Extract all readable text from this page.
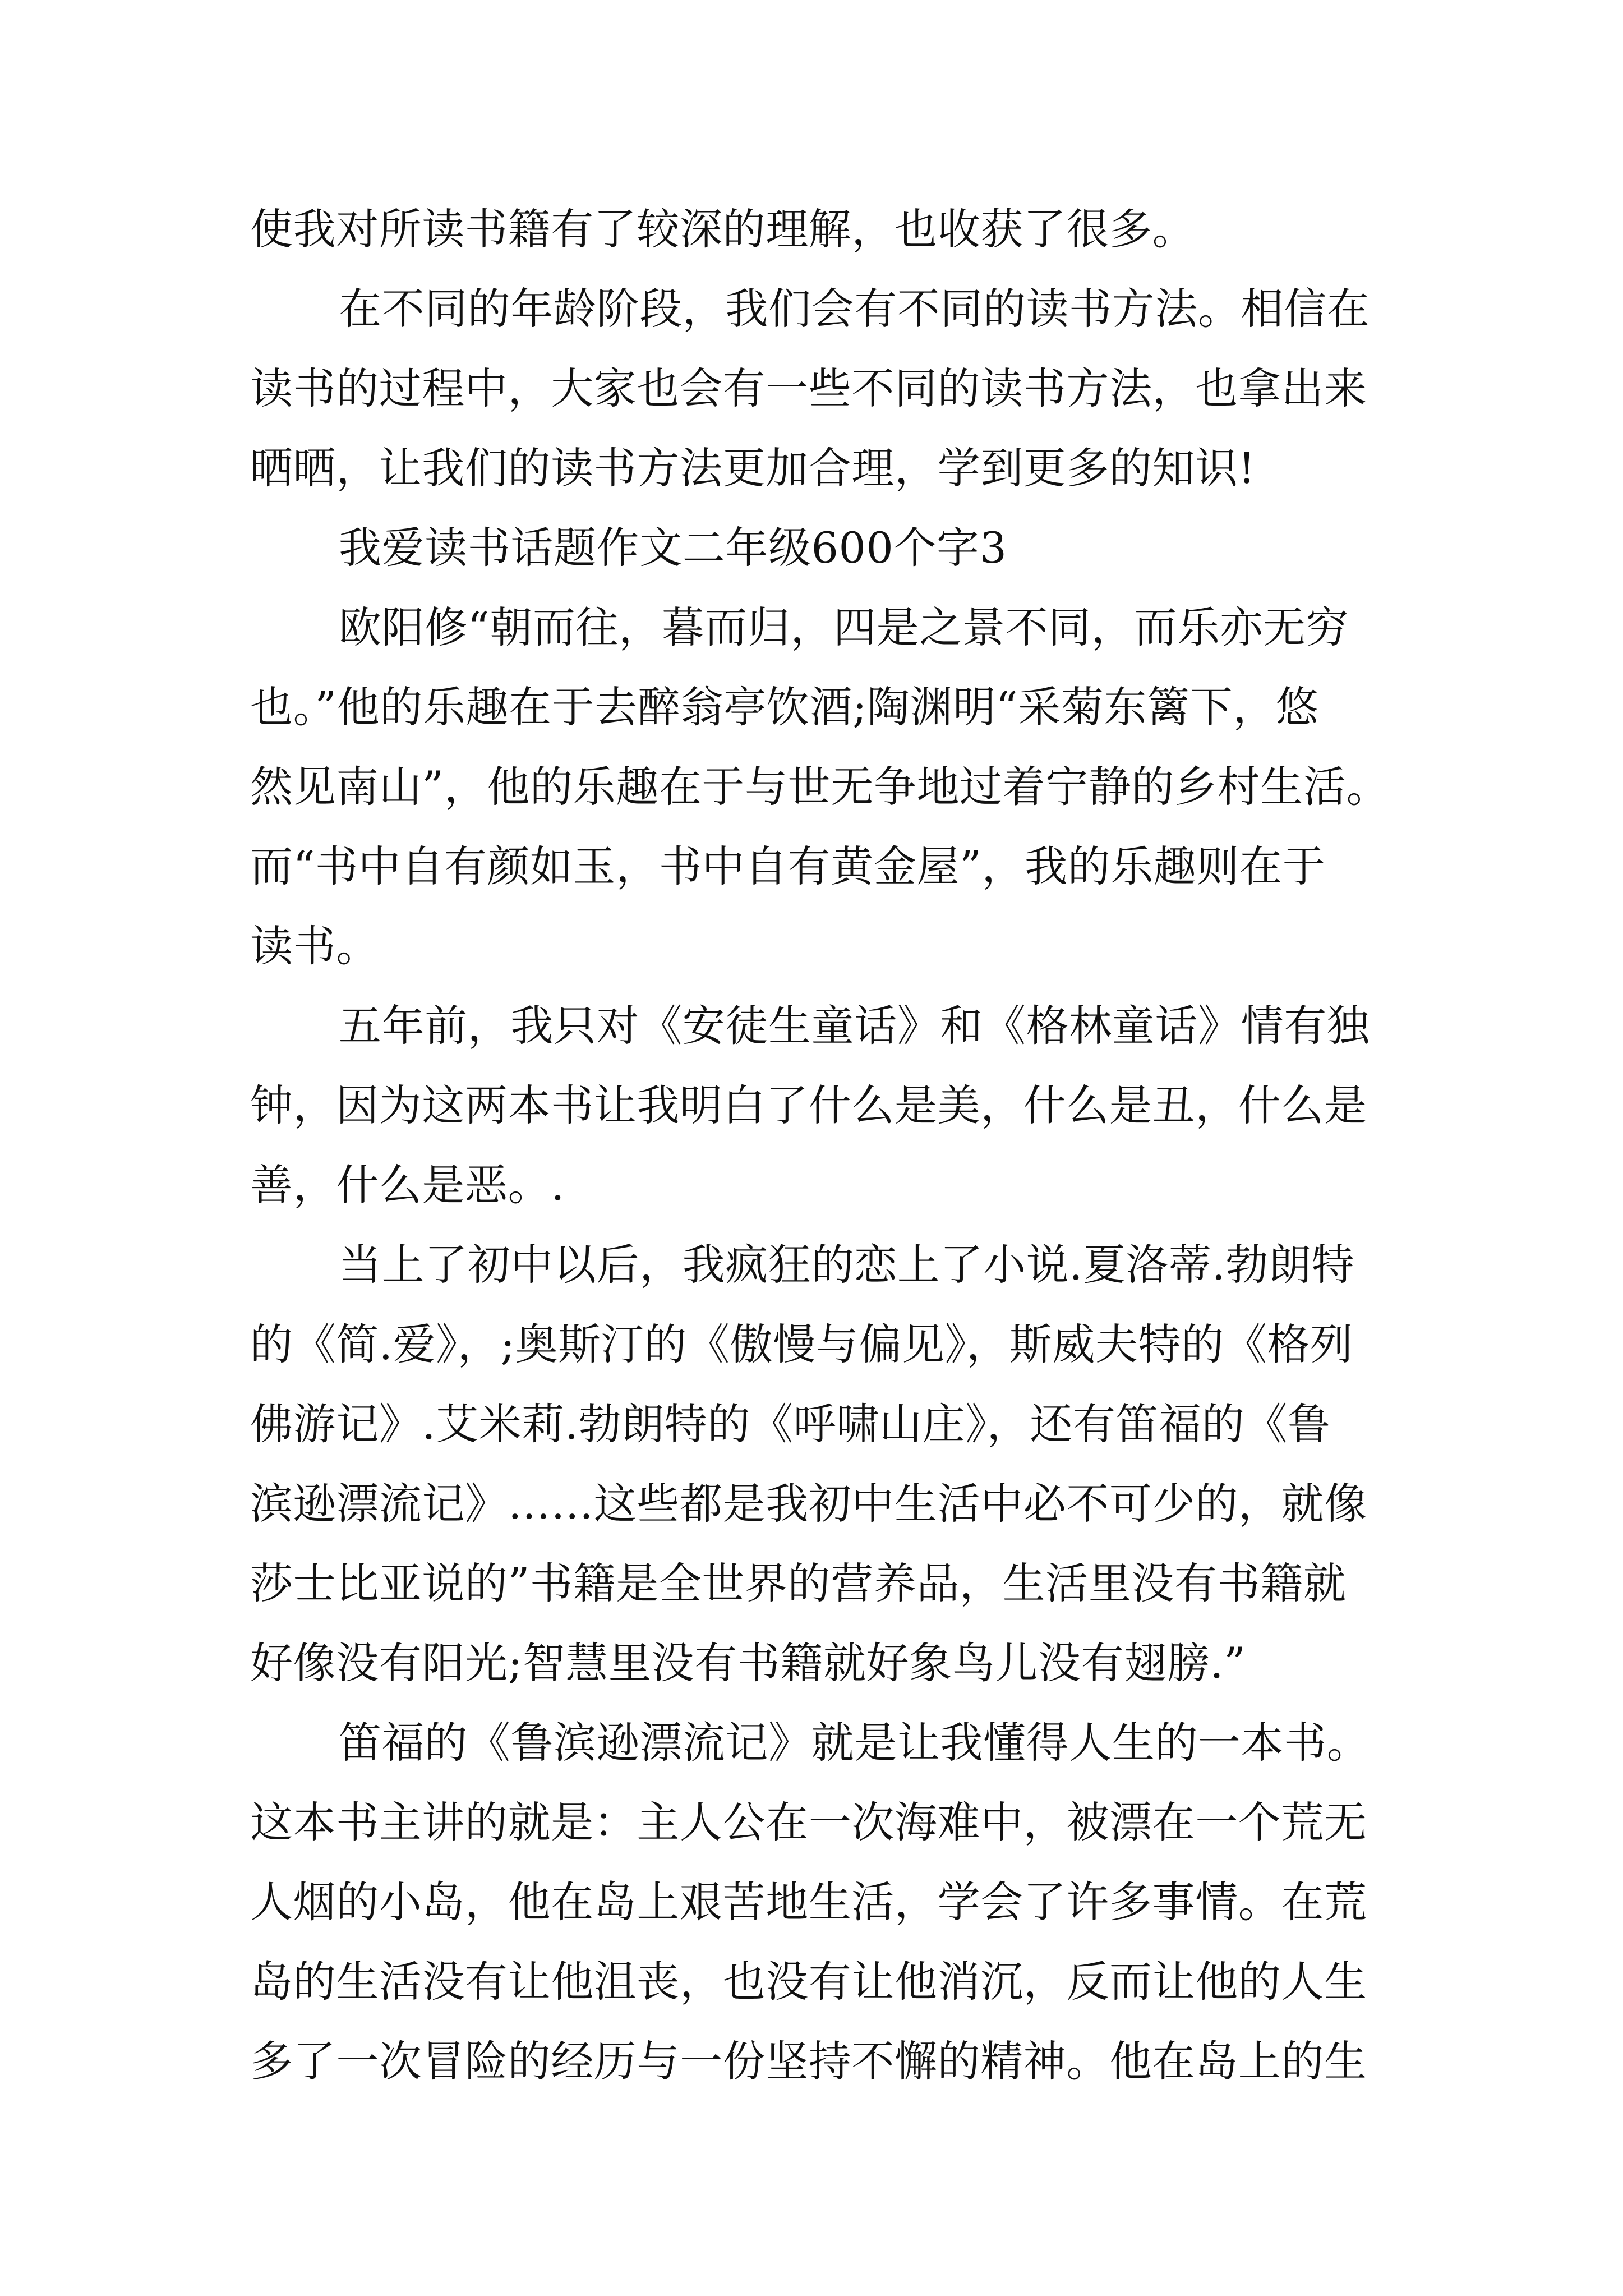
使我对所读书籍有了较深的理解，也收获了很多。
在不同的年龄阶段，我们会有不同的读书方法。相信在
读书的过程中，大家也会有一些不同的读书方法，也拿出来
晒晒，让我们的读书方法更加合理，学到更多的知识!
我爱读书话题作文二年级600个字3
欧阳修“朝而往，暮而归，四是之景不同，而乐亦无穷
也。”他的乐趣在于去醉翁亭饮酒;陶渊明“采菊东篱下，悠
然见南山”，他的乐趣在于与世无争地过着宁静的乡村生活。
而“书中自有颜如玉，书中自有黄金屋”，我的乐趣则在于
读书。
五年前，我只对《安徒生童话》和《格林童话》情有独
钟，因为这两本书让我明白了什么是美，什么是丑，什么是
善，什么是恶。.
当上了初中以后，我疯狂的恋上了小说.夏洛蒂.勃朗特
的《简.爱》，;奥斯汀的《傲慢与偏见》，斯威夫特的《格列
佛游记》.艾米莉.勃朗特的《呼啸山庄》，还有笛福的《鲁
滨逊漂流记》……这些都是我初中生活中必不可少的，就像
莎士比亚说的”书籍是全世界的营养品，生活里没有书籍就
好像没有阳光;智慧里没有书籍就好象鸟儿没有翅膀.”
笛福的《鲁滨逊漂流记》就是让我懂得人生的一本书。
这本书主讲的就是：主人公在一次海难中，被漂在一个荒无
人烟的小岛，他在岛上艰苦地生活，学会了许多事情。在荒
岛的生活没有让他沮丧，也没有让他消沉，反而让他的人生
多了一次冒险的经历与一份坚持不懈的精神。他在岛上的生
